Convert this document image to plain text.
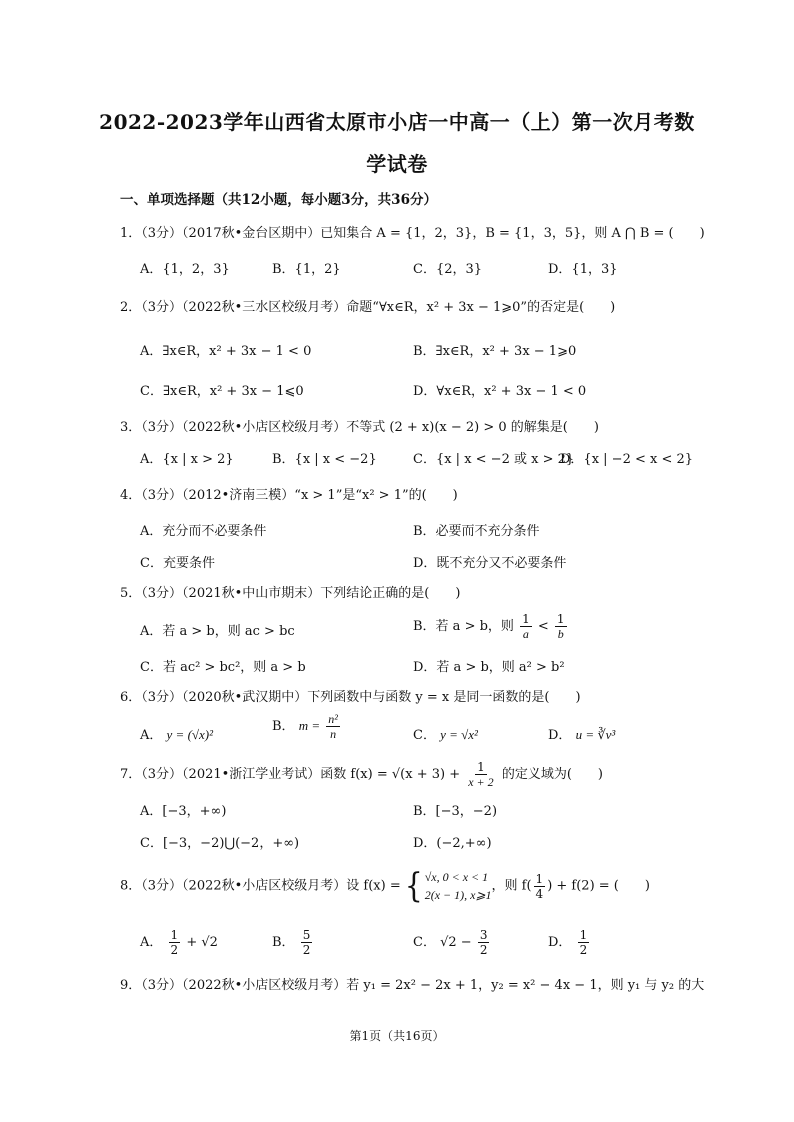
2022-2023学年山西省太原市小店一中高一（上）第一次月考数
学试卷
一、单项选择题（共12小题，每小题3分，共36分）
1．（3分）（2017秋•金台区期中）已知集合 A = {1，2，3}，B = {1，3，5}，则 A ⋂ B = (　　)
A．{1，2，3}	B．{1，2}	C．{2，3}	D．{1，3}
2．（3分）（2022秋•三水区校级月考）命题“∀x∈R，x² + 3x − 1⩾0”的否定是(　　)
A．∃x∈R，x² + 3x − 1 < 0	B．∃x∈R，x² + 3x − 1⩾0
C．∃x∈R，x² + 3x − 1⩽0	D．∀x∈R，x² + 3x − 1 < 0
3．（3分）（2022秋•小店区校级月考）不等式 (2 + x)(x − 2) > 0 的解集是(　　)
A．{x | x > 2}	B．{x | x < −2}	C．{x | x < −2 或 x > 2}
D．{x | −2 < x < 2}
4．（3分）（2012•济南三模）“x > 1”是“x² > 1”的(　　)
A．充分而不必要条件	B．必要而不充分条件
C．充要条件	D．既不充分又不必要条件
5．（3分）（2021秋•中山市期末）下列结论正确的是(　　)
A．若 a > b，则 ac > bc	B．若 a > b，则 $\frac{1}{a} < \frac{1}{b}$
C．若 ac² > bc²，则 a > b	D．若 a > b，则 a² > b²
6．（3分）（2020秋•武汉期中）下列函数中与函数 y = x 是同一函数的是(　　)
A． y = (√x)²
B． $m = \frac{\text{n²}}{n}$	C． y = √x²	D． u = ∛v³
7．（3分）（2021•浙江学业考试）函数 $f(x) = √(x + 3) + \frac{1}{x + 2}$ 的定义域为(　　)
A．[−3，+∞)	B．[−3，−2)
C．[−3，−2)⋃(−2，+∞)	D．(−2,+∞)
8．（3分）（2022秋•小店区校级月考）设 f(x) = { √x, 0 < x < 1
2(x − 1), x⩾1
，则 $f( \frac{1}{4}$ ) + f(2) = (　　)
A． $\frac{1}{2} + √2$	B． $\frac{5}{2}$	C． $√2 - \frac{3}{2}$	D． $\frac{1}{2}$
9．（3分）（2022秋•小店区校级月考）若 y₁ = 2x² − 2x + 1，y₂ = x² − 4x − 1，则 y₁ 与 y₂ 的大
第1页（共16页）
